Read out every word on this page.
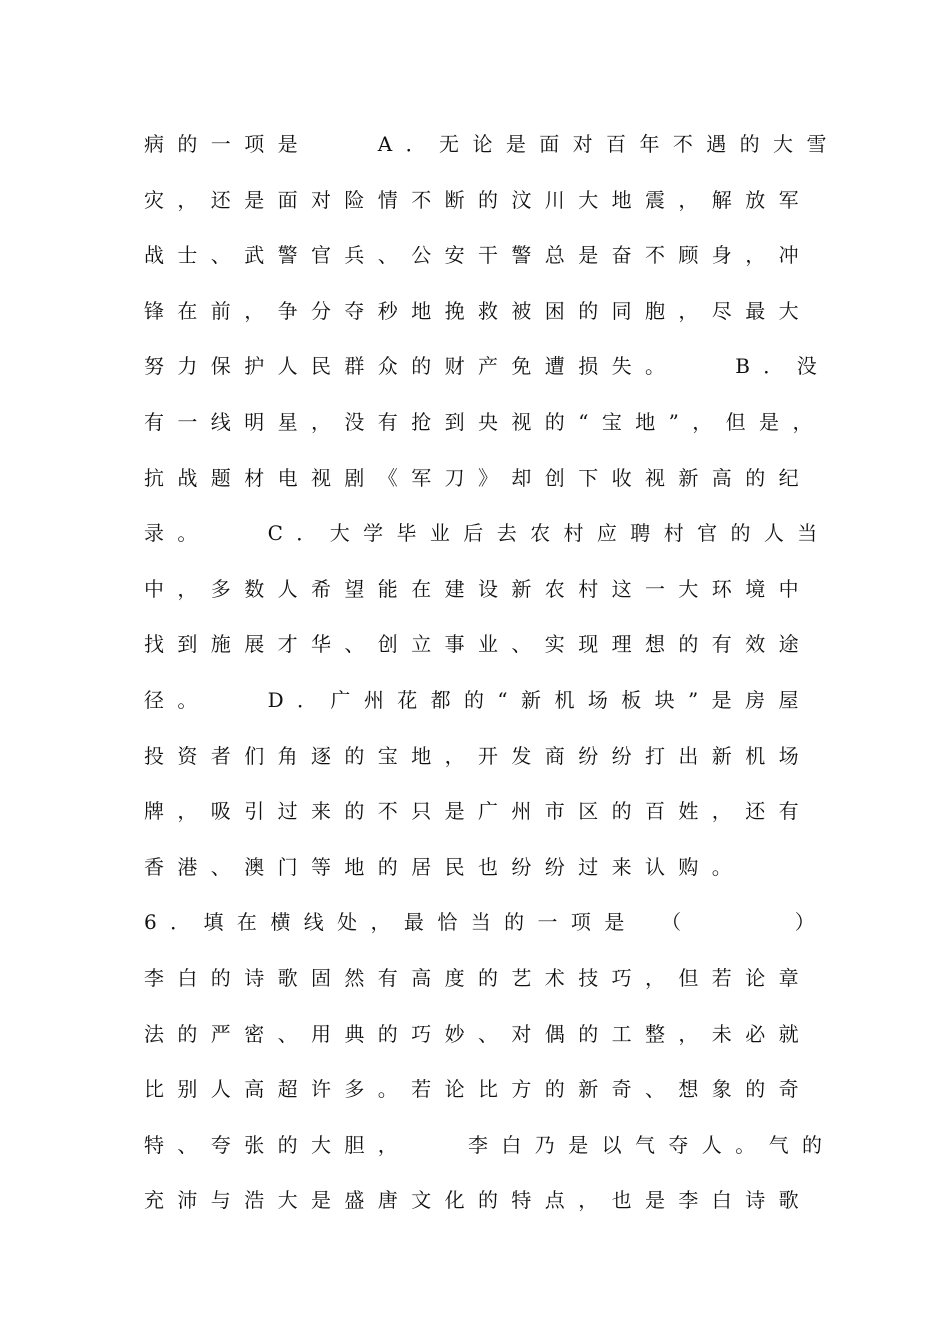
病的一项是　　A．无论是面对百年不遇的大雪
灾，还是面对险情不断的汶川大地震，解放军
战士、武警官兵、公安干警总是奋不顾身，冲
锋在前，争分夺秒地挽救被困的同胞，尽最大
努力保护人民群众的财产免遭损失。　　B．没
有一线明星，没有抢到央视的“宝地”，但是，
抗战题材电视剧《军刀》却创下收视新高的纪
录。　　C．大学毕业后去农村应聘村官的人当
中，多数人希望能在建设新农村这一大环境中
找到施展才华、创立事业、实现理想的有效途
径。　　D．广州花都的“新机场板块”是房屋
投资者们角逐的宝地，开发商纷纷打出新机场
牌，吸引过来的不只是广州市区的百姓，还有
香港、澳门等地的居民也纷纷过来认购。
6．填在横线处，最恰当的一项是　（　　　）
李白的诗歌固然有高度的艺术技巧，但若论章
法的严密、用典的巧妙、对偶的工整，未必就
比别人高超许多。若论比方的新奇、想象的奇
特、夸张的大胆，　　李白乃是以气夺人。气的
充沛与浩大是盛唐文化的特点，也是李白诗歌
